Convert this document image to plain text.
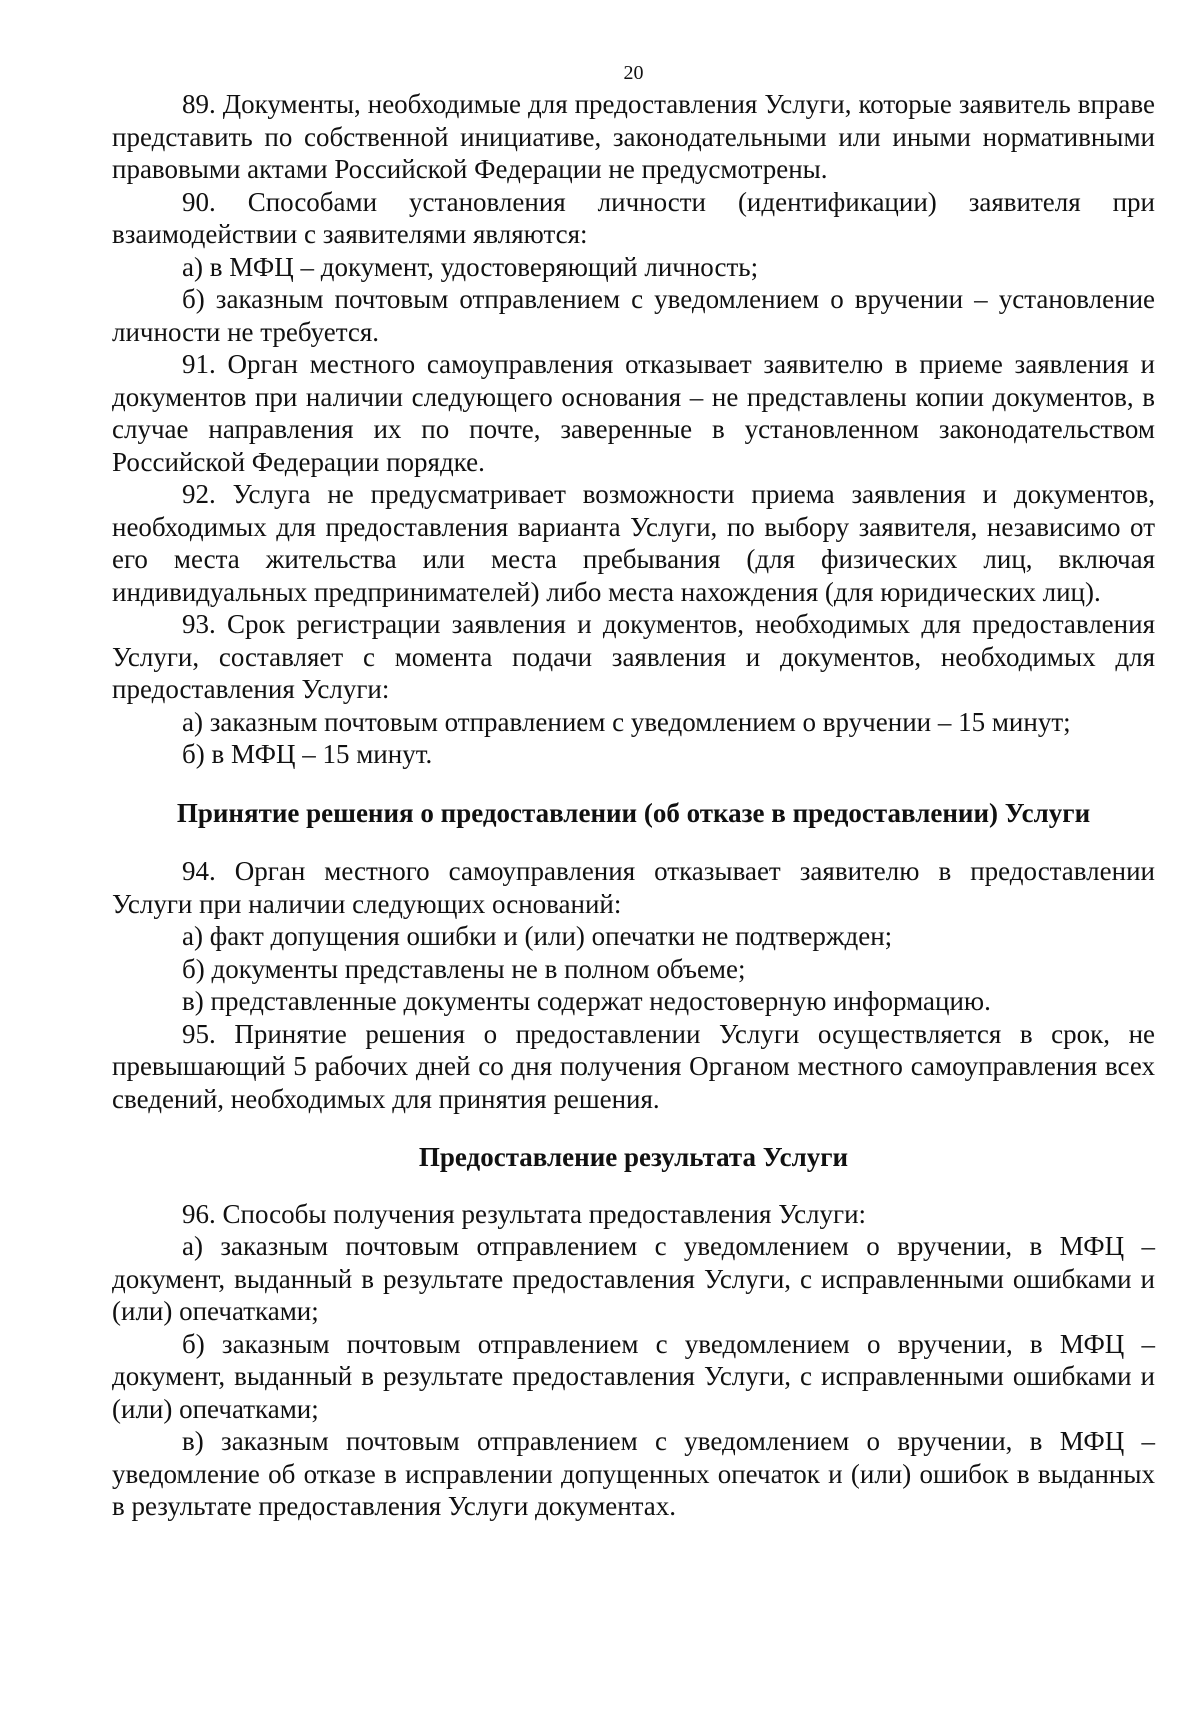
20

89. Документы, необходимые для предоставления Услуги, которые заявитель вправе представить по собственной инициативе, законодательными или иными нормативными правовыми актами Российской Федерации не предусмотрены.

90. Способами установления личности (идентификации) заявителя при взаимодействии с заявителями являются:

а) в МФЦ – документ, удостоверяющий личность;

б) заказным почтовым отправлением с уведомлением о вручении – установление личности не требуется.

91. Орган местного самоуправления отказывает заявителю в приеме заявления и документов при наличии следующего основания – не представлены копии документов, в случае направления их по почте, заверенные в установленном законодательством Российской Федерации порядке.

92. Услуга не предусматривает возможности приема заявления и документов, необходимых для предоставления варианта Услуги, по выбору заявителя, независимо от его места жительства или места пребывания (для физических лиц, включая индивидуальных предпринимателей) либо места нахождения (для юридических лиц).

93. Срок регистрации заявления и документов, необходимых для предоставления Услуги, составляет с момента подачи заявления и документов, необходимых для предоставления Услуги:

а) заказным почтовым отправлением с уведомлением о вручении – 15 минут;

б) в МФЦ – 15 минут.

Принятие решения о предоставлении (об отказе в предоставлении) Услуги

94. Орган местного самоуправления отказывает заявителю в предоставлении Услуги при наличии следующих оснований:

а) факт допущения ошибки и (или) опечатки не подтвержден;

б) документы представлены не в полном объеме;

в) представленные документы содержат недостоверную информацию.

95. Принятие решения о предоставлении Услуги осуществляется в срок, не превышающий 5 рабочих дней со дня получения Органом местного самоуправления всех сведений, необходимых для принятия решения.

Предоставление результата Услуги

96. Способы получения результата предоставления Услуги:

а) заказным почтовым отправлением с уведомлением о вручении, в МФЦ – документ, выданный в результате предоставления Услуги, с исправленными ошибками и (или) опечатками;

б) заказным почтовым отправлением с уведомлением о вручении, в МФЦ – документ, выданный в результате предоставления Услуги, с исправленными ошибками и (или) опечатками;

в) заказным почтовым отправлением с уведомлением о вручении, в МФЦ – уведомление об отказе в исправлении допущенных опечаток и (или) ошибок в выданных в результате предоставления Услуги документах.
